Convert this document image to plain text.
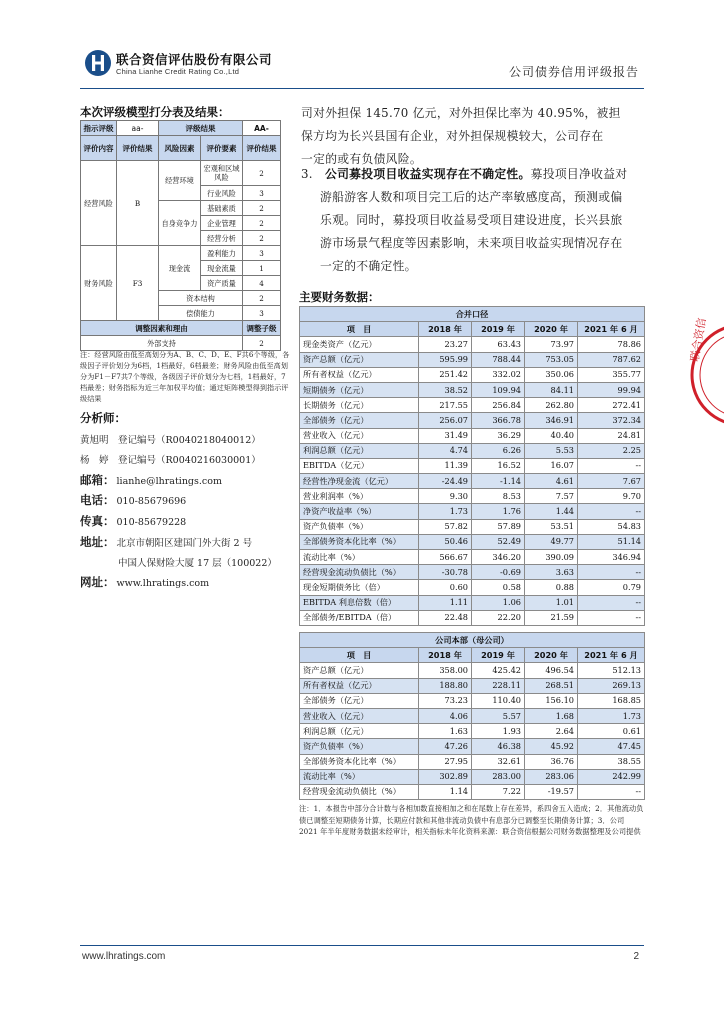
联合资信评估股份有限公司
China Lianhe Credit Rating Co.,Ltd	公司债券信用评级报告
联合资信
本次评级模型打分表及结果：
指示评级	aa-	评级结果		AA-
评价内容	评价结果	风险因素	评价要素	评价结果
经营风险	B	经营环境	宏观和区域风险	2
			行业风险	3
		自身竞争力	基础素质	2
			企业管理	2
			经营分析	2
财务风险	F3	现金流	盈利能力	3
			现金流量	1
			资产质量	4
		资本结构		2
		偿债能力		3
调整因素和理由				调整子级
外部支持				2
注：经营风险由低至高划分为A、B、C、D、E、F共6个等级，各级因子评价划分为6档，1档最好，6档最差；财务风险由低至高划分为F1－F7共7个等级，各级因子评价划分为七档，1档最好，7档最差；财务指标为近三年加权平均值；通过矩阵模型得到指示评级结果
分析师：
黄旭明　 登记编号（R0040218040012）
杨　婷　 登记编号（R0040216030001）
邮箱： lianhe@lhratings.com
电话： 010-85679696
传真： 010-85679228
地址： 北京市朝阳区建国门外大街 2 号
中国人保财险大厦 17 层（100022）
网址： www.lhratings.com
司对外担保 145.70 亿元，对外担保比率为 40.95%，被担
保方均为长兴县国有企业，对外担保规模较大，公司存在
一定的或有负债风险。
3.　 公司募投项目收益实现存在不确定性。募投项目净收益对
游船游客人数和项目完工后的达产率敏感度高，预测或偏
乐观。同时，募投项目收益易受项目建设进度，长兴县旅
游市场景气程度等因素影响，未来项目收益实现情况存在
一定的不确定性。
主要财务数据：
合并口径				
项　目	2018 年	2019 年	2020 年	2021 年 6 月
现金类资产（亿元）	23.27	63.43	73.97	78.86
资产总额（亿元）	595.99	788.44	753.05	787.62
所有者权益（亿元）	251.42	332.02	350.06	355.77
短期债务（亿元）	38.52	109.94	84.11	99.94
长期债务（亿元）	217.55	256.84	262.80	272.41
全部债务（亿元）	256.07	366.78	346.91	372.34
营业收入（亿元）	31.49	36.29	40.40	24.81
利润总额（亿元）	4.74	6.26	5.53	2.25
EBITDA（亿元）	11.39	16.52	16.07	--
经营性净现金流（亿元）	-24.49	-1.14	4.61	7.67
营业利润率（%）	9.30	8.53	7.57	9.70
净资产收益率（%）	1.73	1.76	1.44	--
资产负债率（%）	57.82	57.89	53.51	54.83
全部债务资本化比率（%）	50.46	52.49	49.77	51.14
流动比率（%）	566.67	346.20	390.09	346.94
经营现金流动负债比（%）	-30.78	-0.69	3.63	--
现金短期债务比（倍）	0.60	0.58	0.88	0.79
EBITDA 利息倍数（倍）	1.11	1.06	1.01	--
全部债务/EBITDA（倍）	22.48	22.20	21.59	--
公司本部（母公司）				
项　目	2018 年	2019 年	2020 年	2021 年 6 月
资产总额（亿元）	358.00	425.42	496.54	512.13
所有者权益（亿元）	188.80	228.11	268.51	269.13
全部债务（亿元）	73.23	110.40	156.10	168.85
营业收入（亿元）	4.06	5.57	1.68	1.73
利润总额（亿元）	1.63	1.93	2.64	0.61
资产负债率（%）	47.26	46.38	45.92	47.45
全部债务资本化比率（%）	27.95	32.61	36.76	38.55
流动比率（%）	302.89	283.00	283.06	242.99
经营现金流动负债比（%）	1.14	7.22	-19.57	--
注：1．本报告中部分合计数与各相加数直接相加之和在尾数上存在差异，系四舍五入造成；2．其他流动负债已调整至短期债务计算，长期应付款和其他非流动负债中有息部分已调整至长期债务计算；3．公司 2021 年半年度财务数据未经审计，相关指标未年化资料来源：联合资信根据公司财务数据整理及公司提供
www.lhratings.com	2
